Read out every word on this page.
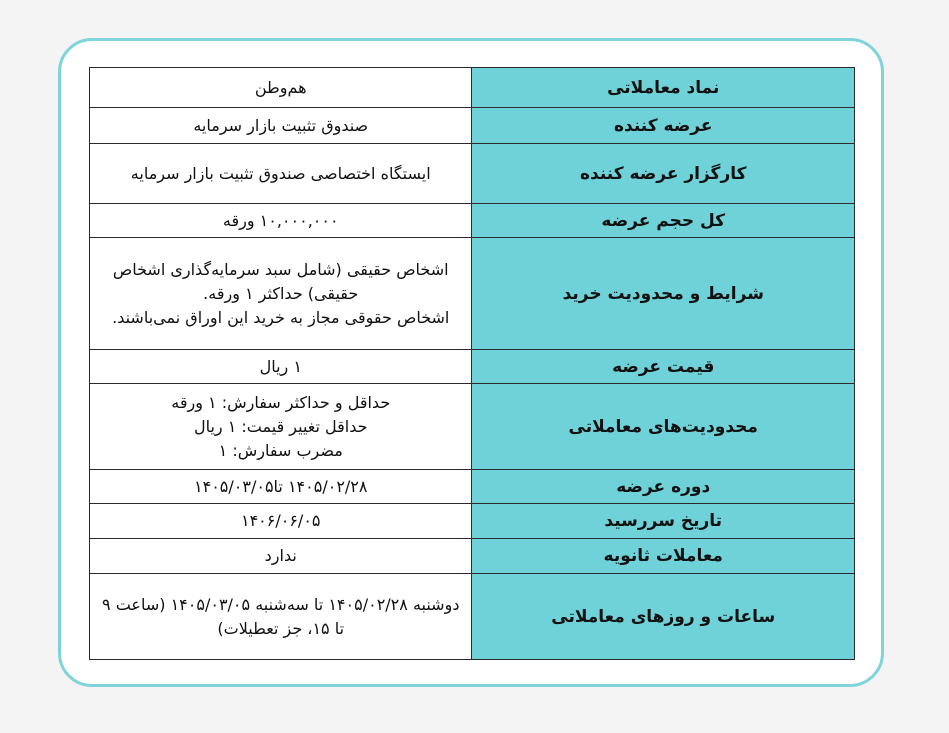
نماد معاملاتی	هم‌وطن
عرضه کننده	صندوق تثبیت بازار سرمایه
کارگزار عرضه کننده	ایستگاه اختصاصی صندوق تثبیت بازار سرمایه
کل حجم عرضه	۱۰,۰۰۰,۰۰۰ ورقه
شرایط و محدودیت خرید	اشخاص حقیقی (شامل سبد سرمایه‌گذاری اشخاص حقیقی) حداکثر ۱ ورقه.
اشخاص حقوقی مجاز به خرید این اوراق نمی‌باشند.

قیمت عرضه	۱ ریال
محدودیت‌های معاملاتی	حداقل و حداکثر سفارش: ۱ ورقه
حداقل تغییر قیمت: ۱ ریال
مضرب سفارش: ۱

دوره عرضه	۱۴۰۵/۰۲/۲۸ تا۱۴۰۵/۰۳/۰۵
تاریخ سررسید	۱۴۰۶/۰۶/۰۵
معاملات ثانویه	ندارد
ساعات و روزهای معاملاتی	دوشنبه ۱۴۰۵/۰۲/۲۸ تا سه‌شنبه ۱۴۰۵/۰۳/۰۵ (ساعت ۹ تا ۱۵، جز تعطیلات)
